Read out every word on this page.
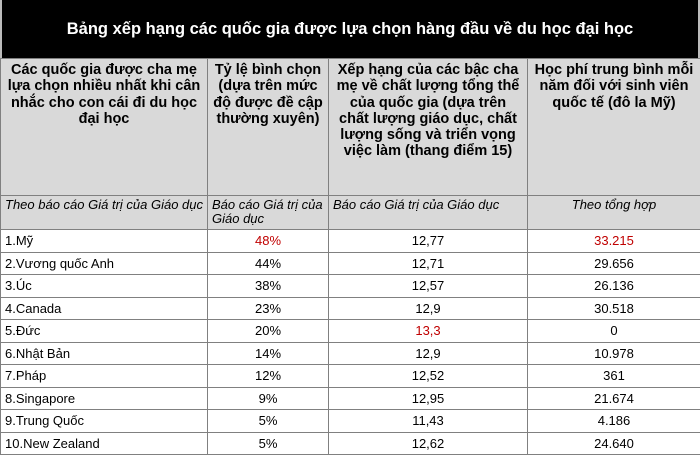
Bảng xếp hạng các quốc gia được lựa chọn hàng đầu về du học đại học
Các quốc gia được cha mẹ lựa chọn nhiều nhất khi cân nhắc cho con cái đi du học đại học	Tỷ lệ bình chọn (dựa trên mức độ được đề cập thường xuyên)	Xếp hạng của các bậc cha mẹ về chất lượng tổng thể của quốc gia (dựa trên chất lượng giáo dục, chất lượng sống và triển vọng việc làm (thang điểm 15)	Học phí trung bình mỗi năm đối với sinh viên quốc tế (đô la Mỹ)
Theo báo cáo Giá trị của Giáo dục	Báo cáo Giá trị của Giáo dục	Báo cáo Giá trị của Giáo dục	Theo tổng hợp
1.Mỹ	48%	12,77	33.215
2.Vương quốc Anh	44%	12,71	29.656
3.Úc	38%	12,57	26.136
4.Canada	23%	12,9	30.518
5.Đức	20%	13,3	0
6.Nhật Bản	14%	12,9	10.978
7.Pháp	12%	12,52	361
8.Singapore	9%	12,95	21.674
9.Trung Quốc	5%	11,43	4.186
10.New Zealand	5%	12,62	24.640
